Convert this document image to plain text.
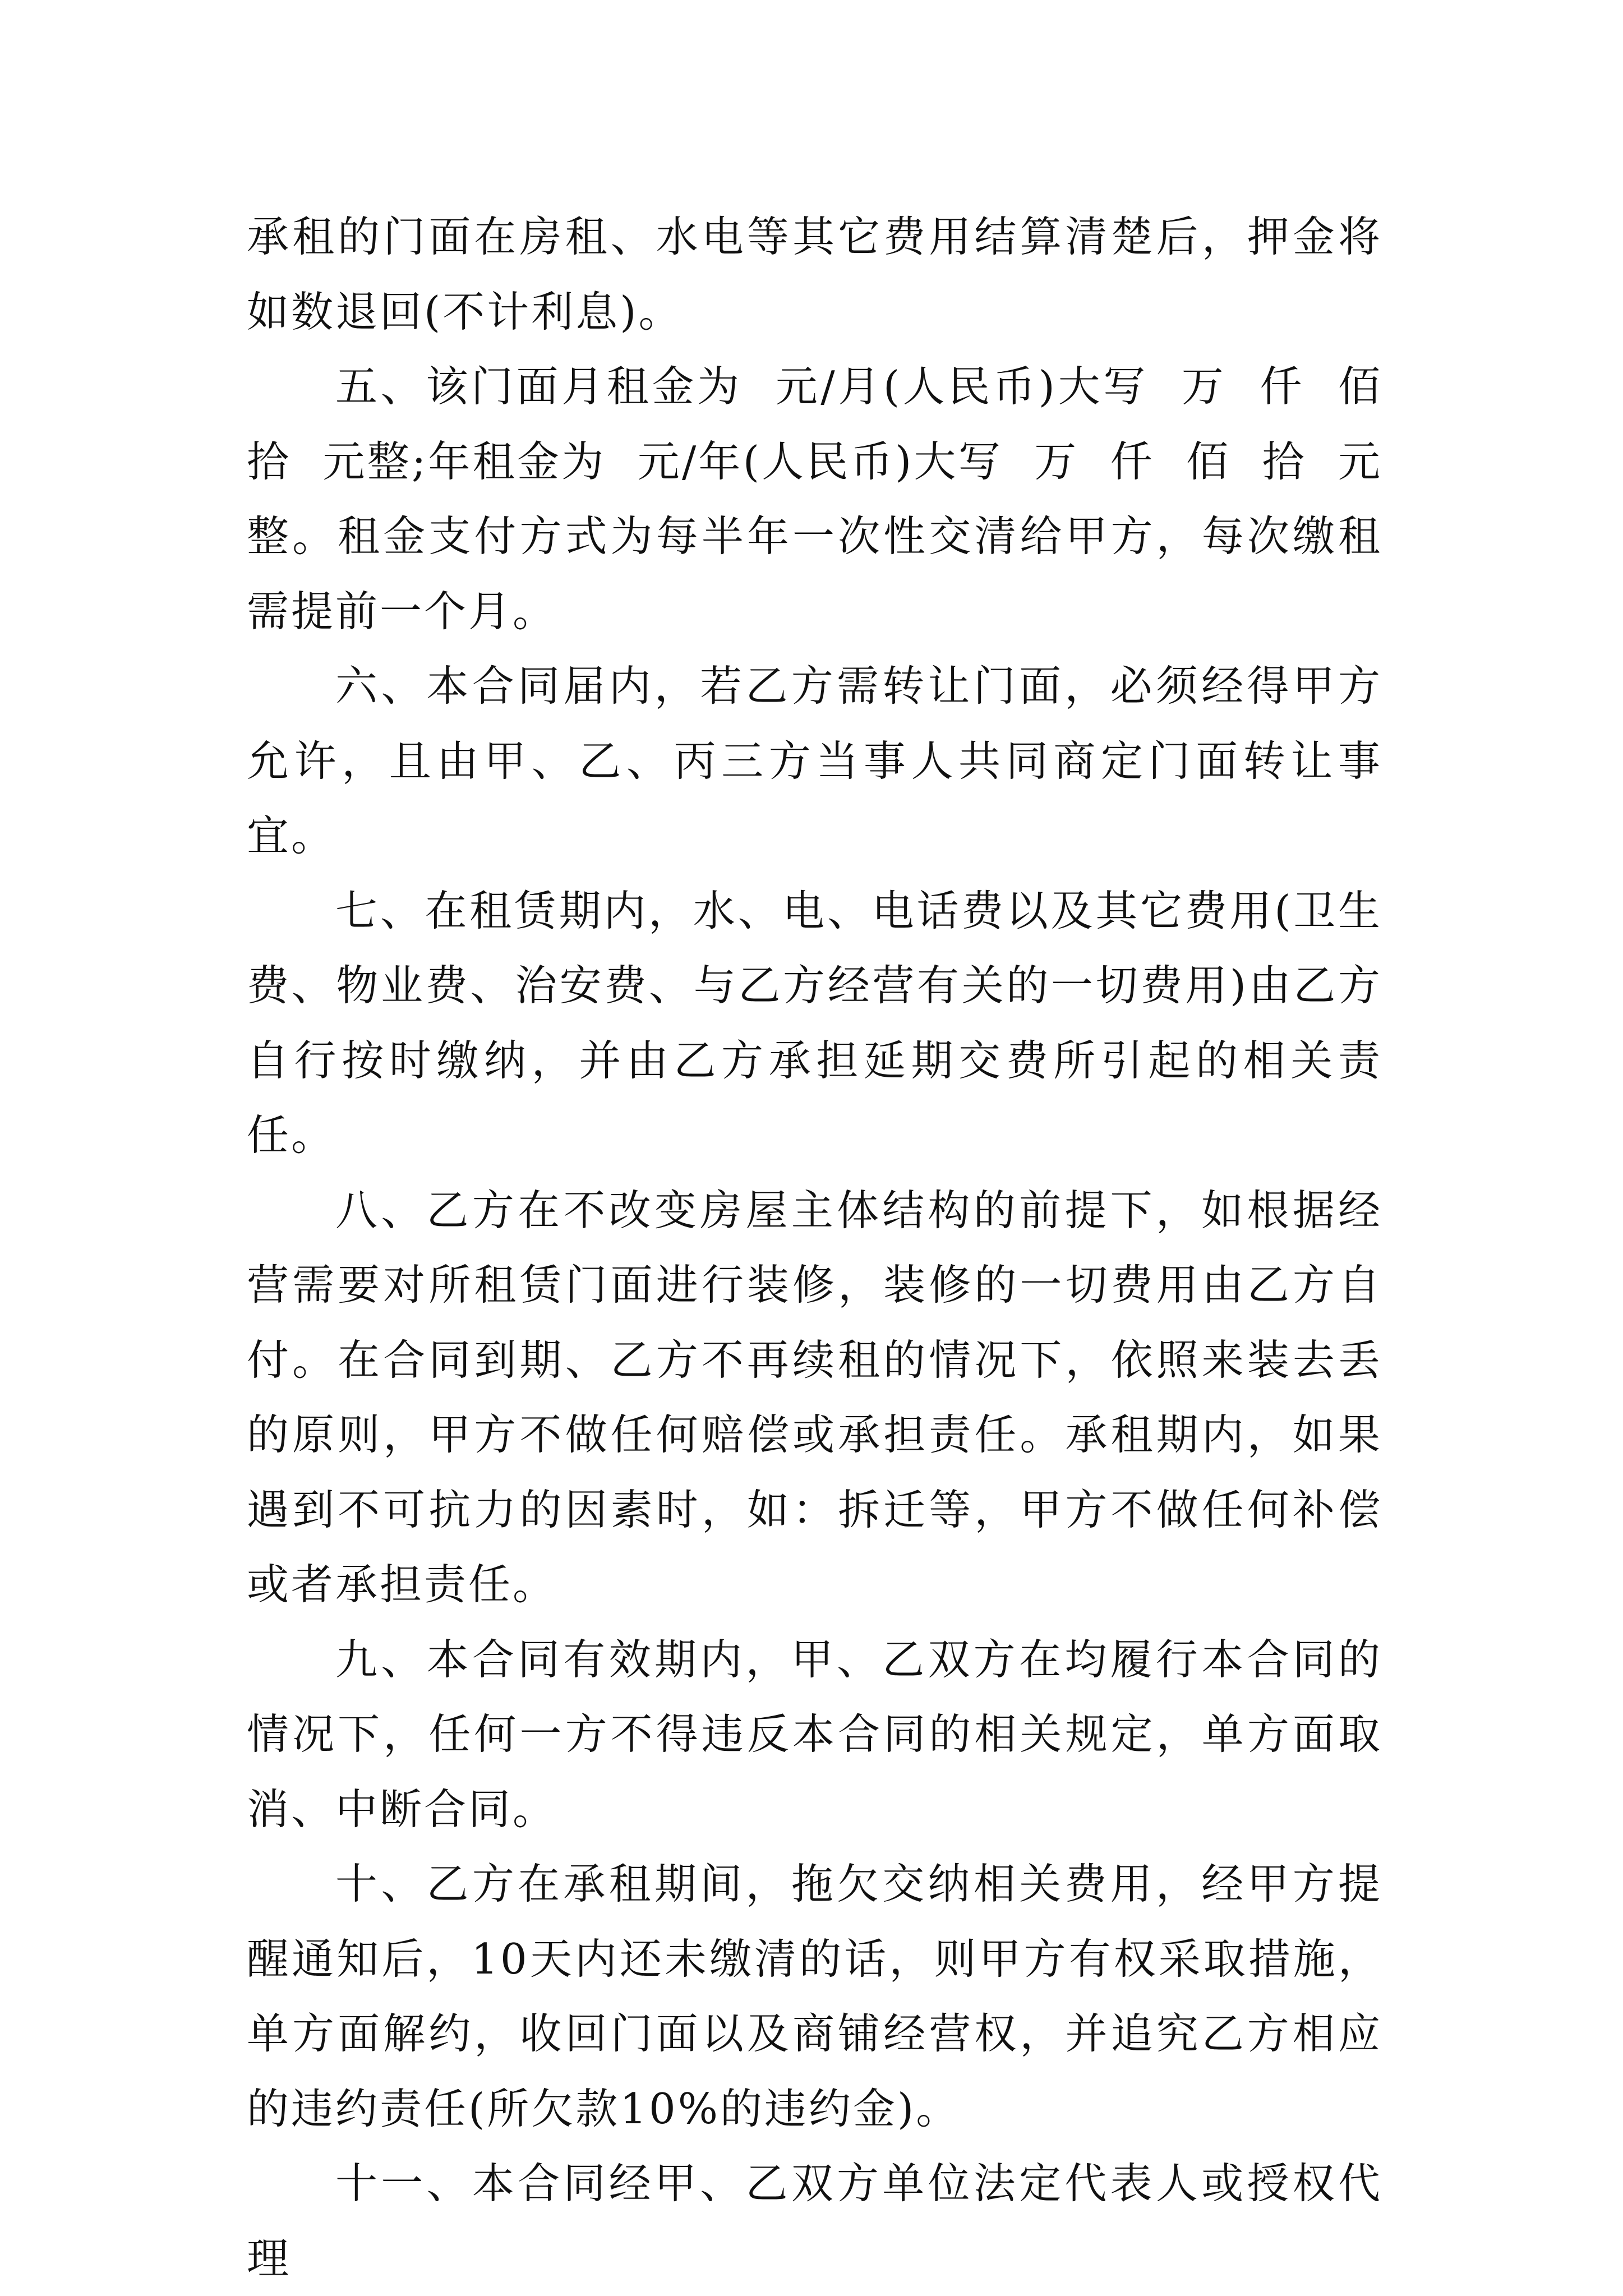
承租的门面在房租、水电等其它费用结算清楚后，押金将如数退回(不计利息)。

五、该门面月租金为  元/月(人民币)大写  万  仟  佰  拾  元整;年租金为  元/年(人民币)大写  万  仟  佰  拾  元整。租金支付方式为每半年一次性交清给甲方，每次缴租需提前一个月。

六、本合同届内，若乙方需转让门面，必须经得甲方允许，且由甲、乙、丙三方当事人共同商定门面转让事宜。

七、在租赁期内，水、电、电话费以及其它费用(卫生费、物业费、治安费、与乙方经营有关的一切费用)由乙方自行按时缴纳，并由乙方承担延期交费所引起的相关责任。

八、乙方在不改变房屋主体结构的前提下，如根据经营需要对所租赁门面进行装修，装修的一切费用由乙方自付。在合同到期、乙方不再续租的情况下，依照来装去丢的原则，甲方不做任何赔偿或承担责任。承租期内，如果遇到不可抗力的因素时，如：拆迁等，甲方不做任何补偿或者承担责任。

九、本合同有效期内，甲、乙双方在均履行本合同的情况下，任何一方不得违反本合同的相关规定，单方面取消、中断合同。

十、乙方在承租期间，拖欠交纳相关费用，经甲方提醒通知后，10天内还未缴清的话，则甲方有权采取措施，单方面解约，收回门面以及商铺经营权，并追究乙方相应的违约责任(所欠款10%的违约金)。

十一、本合同经甲、乙双方单位法定代表人或授权代理
